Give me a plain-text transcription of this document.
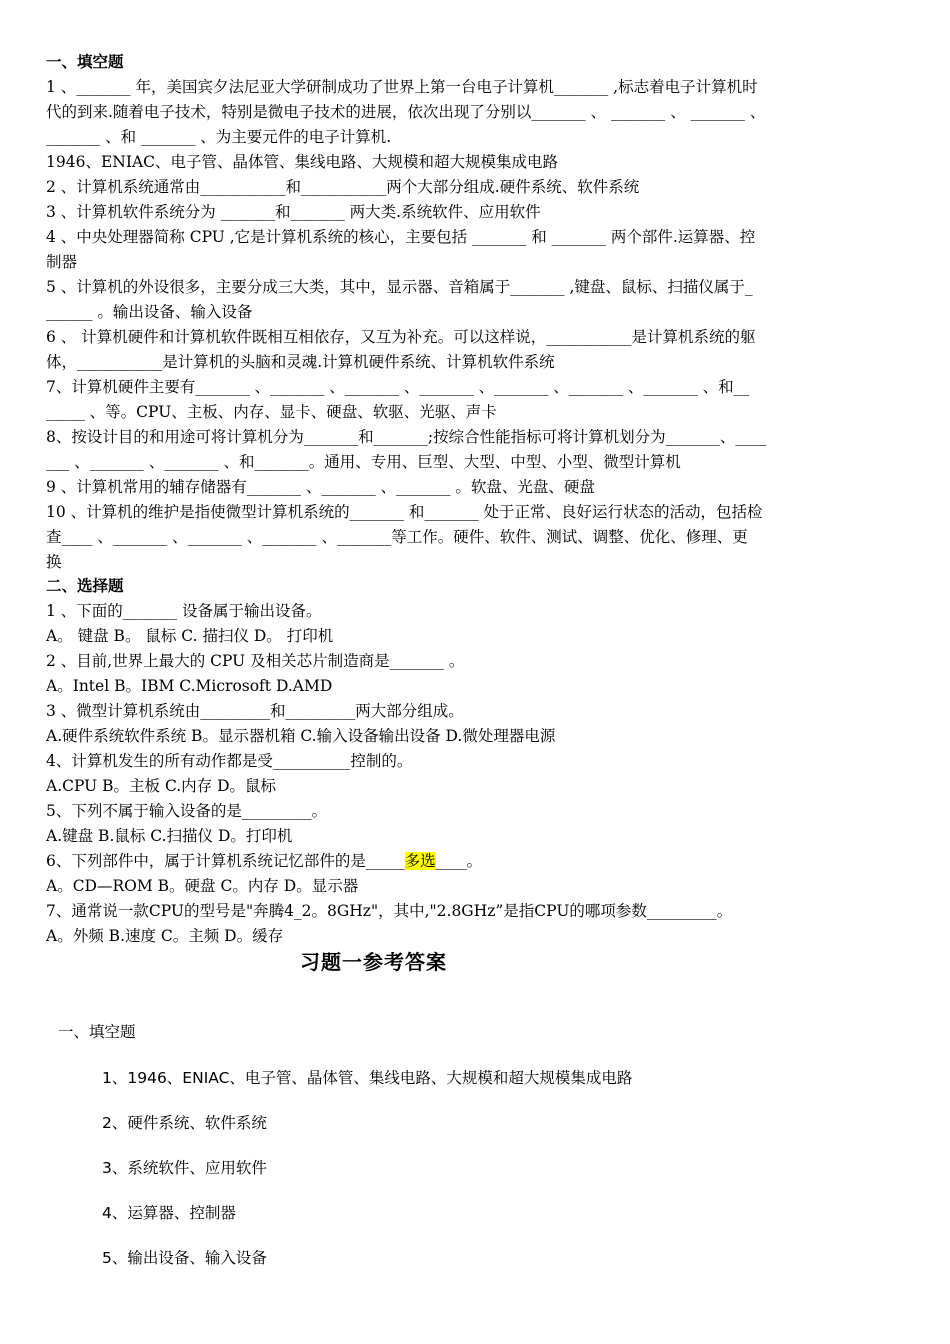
一、填空题
1 、_______ 年，美国宾夕法尼亚大学研制成功了世界上第一台电子计算机_______ ,标志着电子计算机时
代的到来.随着电子技术，特别是微电子技术的进展，依次出现了分别以_______ 、 _______ 、 _______ 、
_______ 、和 _______ 、为主要元件的电子计算机.
1946、ENIAC、电子管、晶体管、集线电路、大规模和超大规模集成电路
2 、计算机系统通常由___________和___________两个大部分组成.硬件系统、软件系统
3 、计算机软件系统分为 _______和_______ 两大类.系统软件、应用软件
4 、中央处理器简称 CPU ,它是计算机系统的核心，主要包括 _______ 和 _______ 两个部件.运算器、控
制器
5 、计算机的外设很多，主要分成三大类，其中，显示器、音箱属于_______ ,键盘、鼠标、扫描仪属于_
______ 。输出设备、输入设备
6 、 计算机硬件和计算机软件既相互相依存，又互为补充。可以这样说，___________是计算机系统的躯
体，___________是计算机的头脑和灵魂.计算机硬件系统、计算机软件系统
7、计算机硬件主要有_______ 、_______ 、_______ 、_______ 、_______ 、_______ 、_______ 、和__
_____ 、等。CPU、主板、内存、显卡、硬盘、软驱、光驱、声卡
8、按设计目的和用途可将计算机分为_______和_______;按综合性能指标可将计算机划分为_______、____
___ 、_______ 、_______ 、和_______。通用、专用、巨型、大型、中型、小型、微型计算机
9 、计算机常用的辅存储器有_______ 、_______ 、_______ 。软盘、光盘、硬盘
10 、计算机的维护是指使微型计算机系统的_______ 和_______ 处于正常、良好运行状态的活动，包括检
查____ 、_______ 、_______ 、_______ 、_______等工作。硬件、软件、测试、调整、优化、修理、更
换
二、选择题
1 、下面的_______ 设备属于输出设备。
A。 键盘 B。 鼠标 C. 描扫仪 D。 打印机
2 、目前,世界上最大的 CPU 及相关芯片制造商是_______ 。
A。Intel B。IBM C.Microsoft D.AMD
3 、微型计算机系统由_________和_________两大部分组成。
A.硬件系统软件系统 B。显示器机箱 C.输入设备输出设备 D.微处理器电源
4、计算机发生的所有动作都是受__________控制的。
A.CPU B。主板 C.内存 D。鼠标
5、下列不属于输入设备的是_________。
A.键盘 B.鼠标 C.扫描仪 D。打印机
6、下列部件中，属于计算机系统记忆部件的是_____多选____。
A。CD—ROM B。硬盘 C。内存 D。显示器
7、通常说一款CPU的型号是"奔腾4_2。8GHz"，其中,"2.8GHz”是指CPU的哪项参数_________。
A。外频 B.速度 C。主频 D。缓存
习题一参考答案
一、填空题
1、1946、ENIAC、电子管、晶体管、集线电路、大规模和超大规模集成电路
2、硬件系统、软件系统
3、系统软件、应用软件
4、运算器、控制器
5、输出设备、输入设备
